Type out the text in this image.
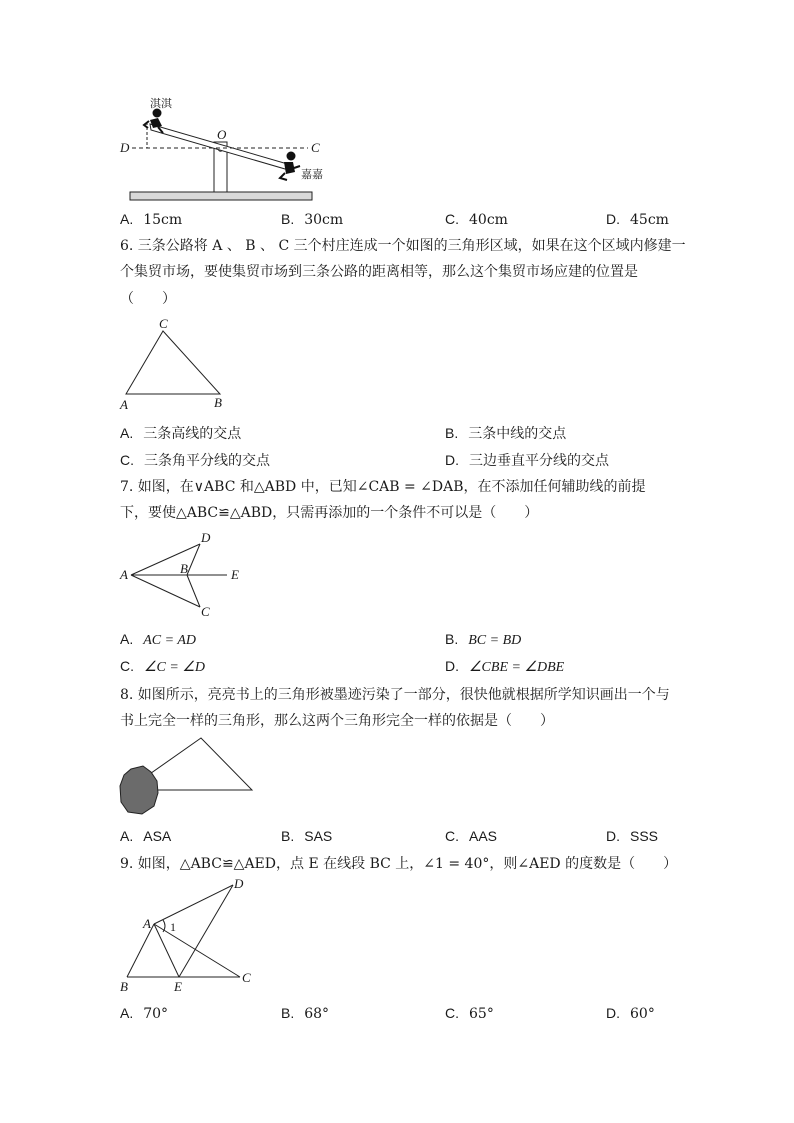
淇淇
嘉嘉
O
D	C
A. 15cm	B. 30cm	C. 40cm	D. 45cm
6. 三条公路将 A 、 B 、 C 三个村庄连成一个如图的三角形区域，如果在这个区域内修建一
个集贸市场，要使集贸市场到三条公路的距离相等，那么这个集贸市场应建的位置是
（　　）
A	B
C
A. 三条高线的交点	B. 三条中线的交点
C. 三条角平分线的交点	D. 三边垂直平分线的交点
7. 如图，在∨ABC 和△ABD 中，已知∠CAB = ∠DAB，在不添加任何辅助线的前提
下，要使△ABC≌△ABD，只需再添加的一个条件不可以是（　　）
A	B
C
D
E
A. AC = AD	B. BC = BD
C. ∠C = ∠D	D. ∠CBE = ∠DBE
8. 如图所示，亮亮书上的三角形被墨迹污染了一部分，很快他就根据所学知识画出一个与
书上完全一样的三角形，那么这两个三角形完全一样的依据是（　　）
A. ASA	B. SAS	C. AAS	D. SSS
9. 如图，△ABC≌△AED，点 E 在线段 BC 上，∠1 = 40°，则∠AED 的度数是（　　）
A
B
C
D
E
1
A. 70°	B. 68°	C. 65°	D. 60°
